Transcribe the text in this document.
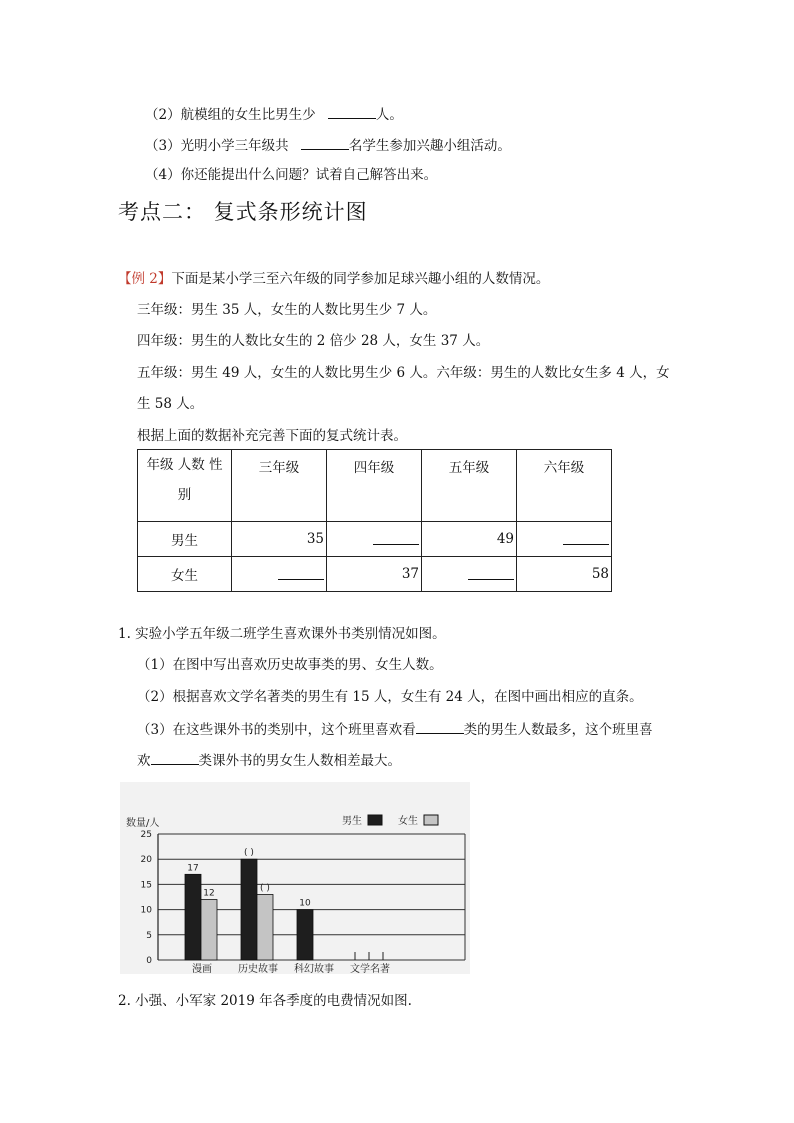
（2）航模组的女生比男生少	人。
（3）光明小学三年级共	名学生参加兴趣小组活动。
（4）你还能提出什么问题？试着自己解答出来。
考点二： 复式条形统计图
【例 2】下面是某小学三至六年级的同学参加足球兴趣小组的人数情况。
三年级：男生 35 人，女生的人数比男生少 7 人。
四年级：男生的人数比女生的 2 倍少 28 人，女生 37 人。
五年级：男生 49 人，女生的人数比男生少 6 人。六年级：男生的人数比女生多 4 人，女
生 58 人。
根据上面的数据补充完善下面的复式统计表。
年级 人数 性
别	三年级	四年级	五年级	六年级
男生	35		49	
女生		37		58
1. 实验小学五年级二班学生喜欢课外书类别情况如图。
（1）在图中写出喜欢历史故事类的男、女生人数。
（2）根据喜欢文学名著类的男生有 15 人，女生有 24 人，在图中画出相应的直条。
（3）在这些课外书的类别中，这个班里喜欢看	类的男生人数最多，这个班里喜
欢	类课外书的男女生人数相差最大。
数量/人	男生	女生
0
5
10
15
20
25
漫画
17
12
历史故事
( )
( )
科幻故事
10
文学名著
2. 小强、小军家 2019 年各季度的电费情况如图.
